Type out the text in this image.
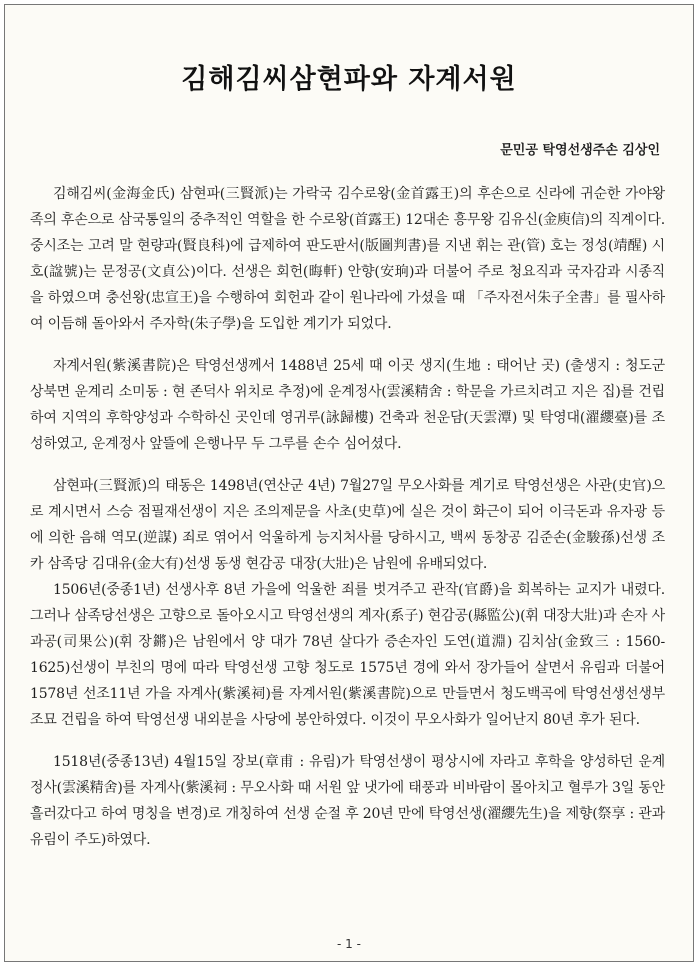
김해김씨삼현파와 자계서원
문민공 탁영선생주손 김상인

김해김씨(金海金氏) 삼현파(三賢派)는 가락국 김수로왕(金首露王)의 후손으로 신라에 귀순한 가야왕족의 후손으로 삼국통일의 중추적인 역할을 한 수로왕(首露王) 12대손 흥무왕 김유신(金庾信)의 직계이다. 중시조는 고려 말 현량과(賢良科)에 급제하여 판도판서(版圖判書)를 지낸 휘는 관(管) 호는 정성(靖醒) 시호(諡號)는 문정공(文貞公)이다. 선생은 회헌(晦軒) 안향(安珦)과 더불어 주로 청요직과 국자감과 시종직을 하였으며 충선왕(忠宣王)을 수행하여 회헌과 같이 원나라에 가셨을 때 「주자전서朱子全書」를 필사하여 이듬해 돌아와서 주자학(朱子學)을 도입한 계기가 되었다.

자계서원(紫溪書院)은 탁영선생께서 1488년 25세 때 이곳 생지(生地 : 태어난 곳) (출생지 : 청도군 상북면 운계리 소미동 : 현 존덕사 위치로 추정)에 운계정사(雲溪精舍 : 학문을 가르치려고 지은 집)를 건립하여 지역의 후학양성과 수학하신 곳인데 영귀루(詠歸樓) 건축과 천운담(天雲潭) 및 탁영대(濯纓臺)를 조성하였고, 운계정사 앞뜰에 은행나무 두 그루를 손수 심어셨다.

삼현파(三賢派)의 태동은 1498년(연산군 4년) 7월27일 무오사화를 계기로 탁영선생은 사관(史官)으로 계시면서 스승 점필재선생이 지은 조의제문을 사초(史草)에 실은 것이 화근이 되어 이극돈과 유자광 등에 의한 음해 역모(逆謀) 죄로 엮어서 억울하게 능지처사를 당하시고, 백씨 동창공 김준손(金駿孫)선생 조카 삼족당 김대유(金大有)선생 동생 현감공 대장(大壯)은 남원에 유배되었다.

1506년(중종1년) 선생사후 8년 가을에 억울한 죄를 벗겨주고 관작(官爵)을 회복하는 교지가 내렸다. 그러나 삼족당선생은 고향으로 돌아오시고 탁영선생의 계자(系子) 현감공(縣監公)(휘 대장大壯)과 손자 사과공(司果公)(휘 장鏘)은 남원에서 양 대가 78년 살다가 증손자인 도연(道淵) 김치삼(金致三 : 1560-1625)선생이 부친의 명에 따라 탁영선생 고향 청도로 1575년 경에 와서 장가들어 살면서 유림과 더불어 1578년 선조11년 가을 자계사(紫溪祠)를 자계서원(紫溪書院)으로 만들면서 청도백곡에 탁영선생선생부조묘 건립을 하여 탁영선생 내외분을 사당에 봉안하였다. 이것이 무오사화가 일어난지 80년 후가 된다.

1518년(중종13년) 4월15일 장보(章甫 : 유림)가 탁영선생이 평상시에 자라고 후학을 양성하던 운계정사(雲溪精舍)를 자계사(紫溪祠 : 무오사화 때 서원 앞 냇가에 태풍과 비바람이 몰아치고 혈루가 3일 동안 흘러갔다고 하여 명칭을 변경)로 개칭하여 선생 순절 후 20년 만에 탁영선생(濯纓先生)을 제향(祭享 : 관과 유림이 주도)하였다.

- 1 -
